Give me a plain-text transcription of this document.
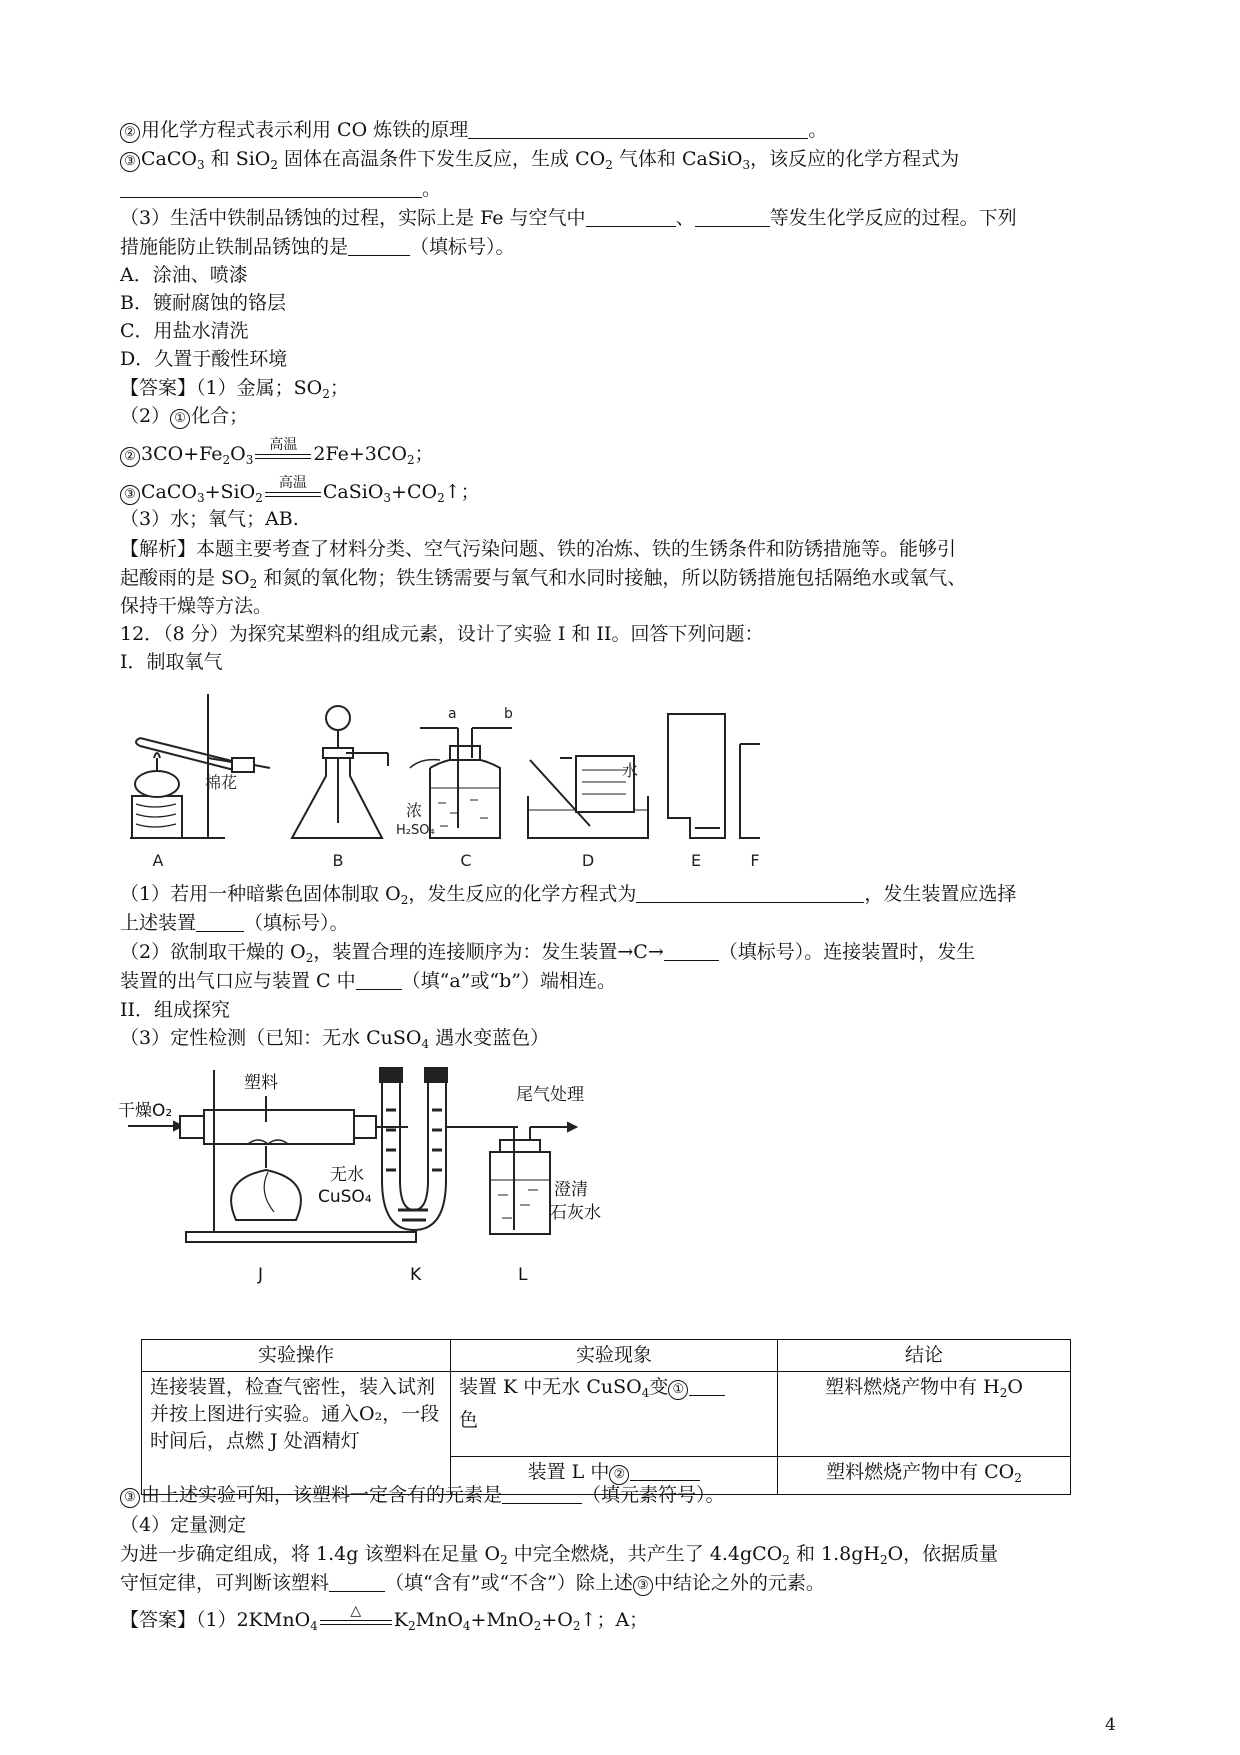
② 用化学方程式表示利用 CO 炼铁的原理	。
③ CaCO$_3$ 和 SiO$_2$ 固体在高温条件下发生反应，生成 $CO_2$ 气体和 CaSiO$_3$，该反应的化学方程式为
。
（3）生活中铁制品锈蚀的过程，实际上是 Fe 与空气中	、	等发生化学反应的过程。下列
措施能防止铁制品锈蚀的是	（填标号）。
A．涂油、喷漆
B．镀耐腐蚀的铬层
C．用盐水清洗
D．久置于酸性环境
【答案】（1）金属；$SO_2$；
（2） ① 化合；
② $3CO+Fe_2O_3$
高温 $2Fe+3CO_2$；
③ CaCO$_3$+SiO$_2$
高温 $CaSiO_3+CO_2↑$；
（3）水；氧气；AB.
【解析】本题主要考查了材料分类、空气污染问题、铁的冶炼、铁的生锈条件和防锈措施等。能够引
起酸雨的是 $SO_2$ 和氮的氧化物；铁生锈需要与氧气和水同时接触，所以防锈措施包括隔绝水或氧气、
保持干燥等方法。
12．（8 分）为探究某塑料的组成元素，设计了实验 I 和 II。回答下列问题：
I．制取氧气
棉花
浓
H₂SO₄
水
a	b
A	B	C	D	E	F
（1）若用一种暗紫色固体制取 $O_2$，发生反应的化学方程式为	，发生装置应选择
上述装置	（填标号）。
（2）欲制取干燥的 $O_2$，装置合理的连接顺序为：发生装置→C→	（填标号）。连接装置时，发生
装置的出气口应与装置 C 中 （填“a”或“b”）端相连。
II．组成探究
（3）定性检测（已知：无水 CuSO$_4$ 遇水变蓝色）
干燥O₂
塑料
尾气处理
无水
CuSO₄	澄清
石灰水
J	K	L
实验操作	实验现象	结论
连接装置，检查气密性，装入试剂并按上图进行实验。通入O₂，一段时间后，点燃 J 处酒精灯	装置 K 中无水 CuSO$_4$变 ①
色	塑料燃烧产物中有 $H_2O$
	装置 L 中 ②	塑料燃烧产物中有 $CO_2$
③ 由上述实验可知，该塑料一定含有的元素是	（填元素符号）。
（4）定量测定
为进一步确定组成，将 1.4g 该塑料在足量 $O_2$ 中完全燃烧，共产生了 4.4gCO$_2$ 和 $1.8gH_2O$，依据质量
守恒定律，可判断该塑料	（填“含有”或“不含”）除上述 ③ 中结论之外的元素。
【答案】（1）2KMnO$_4$
△	$K_2MnO_4+MnO_2+O_2↑$；A；
4
